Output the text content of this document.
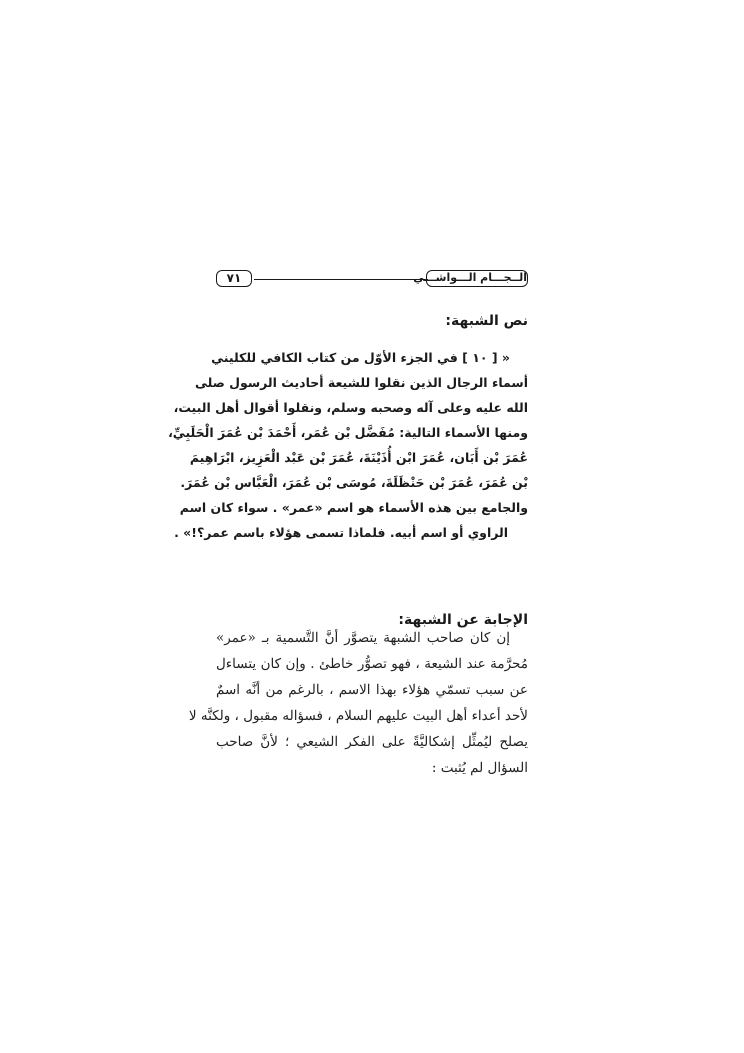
٧١	الــجـــام الـــواشـــي
نص الشبهة:
« [ ١٠ ] في الجزء الأوّل من كتاب الكافي للكليني
أسماء الرجال الذين نقلوا للشيعة أحاديث الرسول صلى
الله عليه وعلى آله وصحبه وسلم، ونقلوا أقوال أهل البيت،
ومنها الأسماء التالية: مُفَضَّل بْن عُمَر، أَحْمَدَ بْن عُمَرَ الْحَلَبِيِّ،
عُمَرَ بْن أَبَان، عُمَرَ ابْن أُذَيْنَةَ، عُمَرَ بْن عَبْد الْعَزِيز، ابْرَاهِيمَ
بْن عُمَرَ، عُمَرَ بْن حَنْظَلَةَ، مُوسَى بْن عُمَرَ، الْعَبَّاس بْن عُمَرَ.
والجامع بين هذه الأسماء هو اسم «عمر» . سواء كان اسم
الراوي أو اسم أبيه. فلماذا تسمى هؤلاء باسم عمر؟!» .
الإجابة عن الشبهة:
إن كان صاحب الشبهة يتصوَّر أنَّ التَّسمية بـ «عمر»
مُحرَّمة عند الشيعة ، فهو تصوُّر خاطئ . وإن كان يتساءل
عن سبب تسمّي هؤلاء بهذا الاسم ، بالرغم من أنَّه اسمٌ
لأحد أعداء أهل البيت عليهم السلام ، فسؤاله مقبول ، ولكنَّه لا
يصلح ليُمثِّل إشكاليَّةً على الفكر الشيعي ؛ لأنَّ صاحب
السؤال لم يُثبت :
